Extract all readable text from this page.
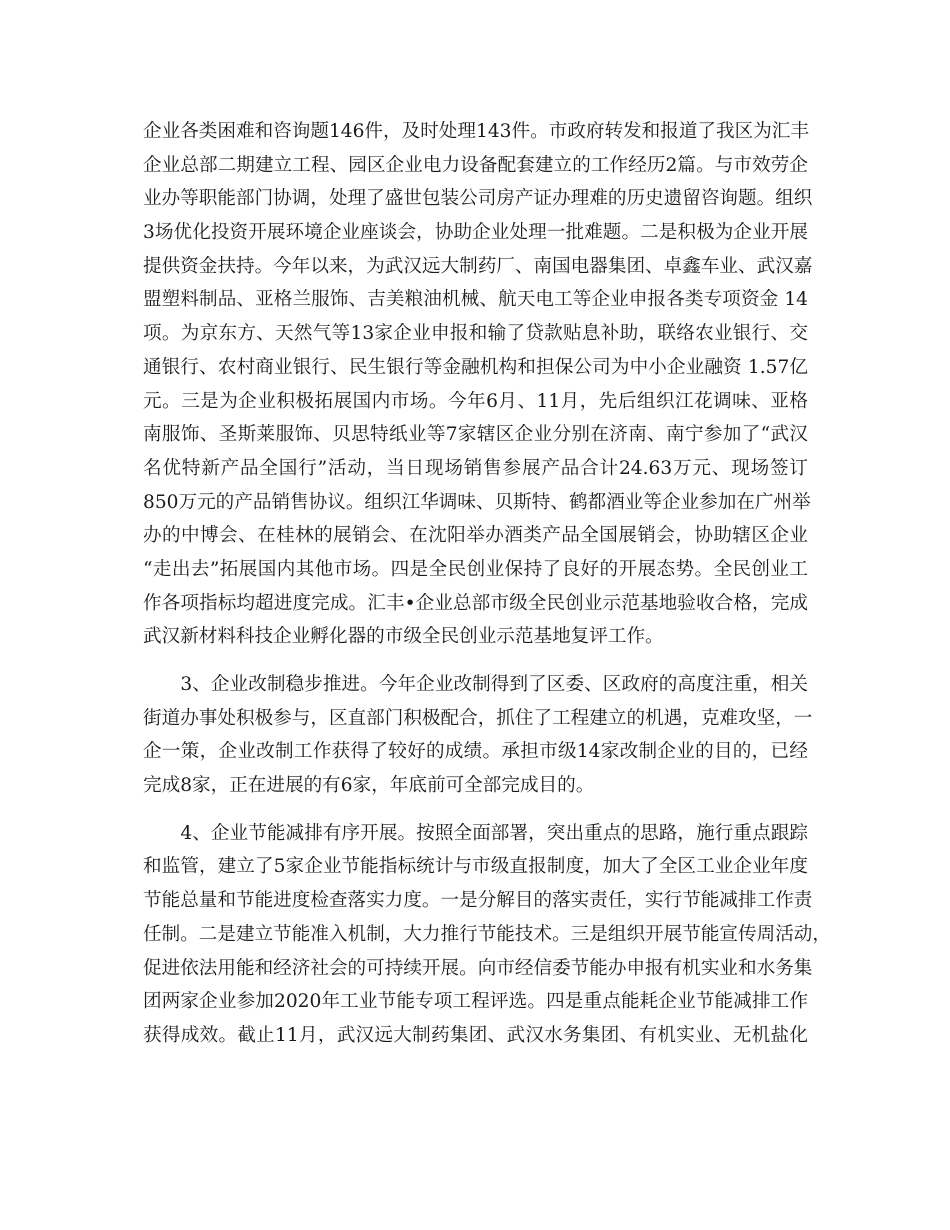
企业各类困难和咨询题146件，及时处理143件。市政府转发和报道了我区为汇丰
企业总部二期建立工程、园区企业电力设备配套建立的工作经历2篇。与市效劳企
业办等职能部门协调，处理了盛世包装公司房产证办理难的历史遗留咨询题。组织
3场优化投资开展环境企业座谈会，协助企业处理一批难题。二是积极为企业开展
提供资金扶持。今年以来，为武汉远大制药厂、南国电器集团、卓鑫车业、武汉嘉
盟塑料制品、亚格兰服饰、吉美粮油机械、航天电工等企业申报各类专项资金 14
项。为京东方、天然气等13家企业申报和输了贷款贴息补助，联络农业银行、交
通银行、农村商业银行、民生银行等金融机构和担保公司为中小企业融资 1.57亿
元。三是为企业积极拓展国内市场。今年6月、11月，先后组织江花调味、亚格
南服饰、圣斯莱服饰、贝思特纸业等7家辖区企业分别在济南、南宁参加了“武汉
名优特新产品全国行”活动，当日现场销售参展产品合计24.63万元、现场签订
850万元的产品销售协议。组织江华调味、贝斯特、鹤都酒业等企业参加在广州举
办的中博会、在桂林的展销会、在沈阳举办酒类产品全国展销会，协助辖区企业
“走出去”拓展国内其他市场。四是全民创业保持了良好的开展态势。全民创业工
作各项指标均超进度完成。汇丰•企业总部市级全民创业示范基地验收合格，完成
武汉新材料科技企业孵化器的市级全民创业示范基地复评工作。
　　3、企业改制稳步推进。今年企业改制得到了区委、区政府的高度注重，相关
街道办事处积极参与，区直部门积极配合，抓住了工程建立的机遇，克难攻坚，一
企一策，企业改制工作获得了较好的成绩。承担市级14家改制企业的目的，已经
完成8家，正在进展的有6家，年底前可全部完成目的。
　　4、企业节能减排有序开展。按照全面部署，突出重点的思路，施行重点跟踪
和监管，建立了5家企业节能指标统计与市级直报制度，加大了全区工业企业年度
节能总量和节能进度检查落实力度。一是分解目的落实责任，实行节能减排工作责
任制。二是建立节能准入机制，大力推行节能技术。三是组织开展节能宣传周活动，
促进依法用能和经济社会的可持续开展。向市经信委节能办申报有机实业和水务集
团两家企业参加2020年工业节能专项工程评选。四是重点能耗企业节能减排工作
获得成效。截止11月，武汉远大制药集团、武汉水务集团、有机实业、无机盐化
